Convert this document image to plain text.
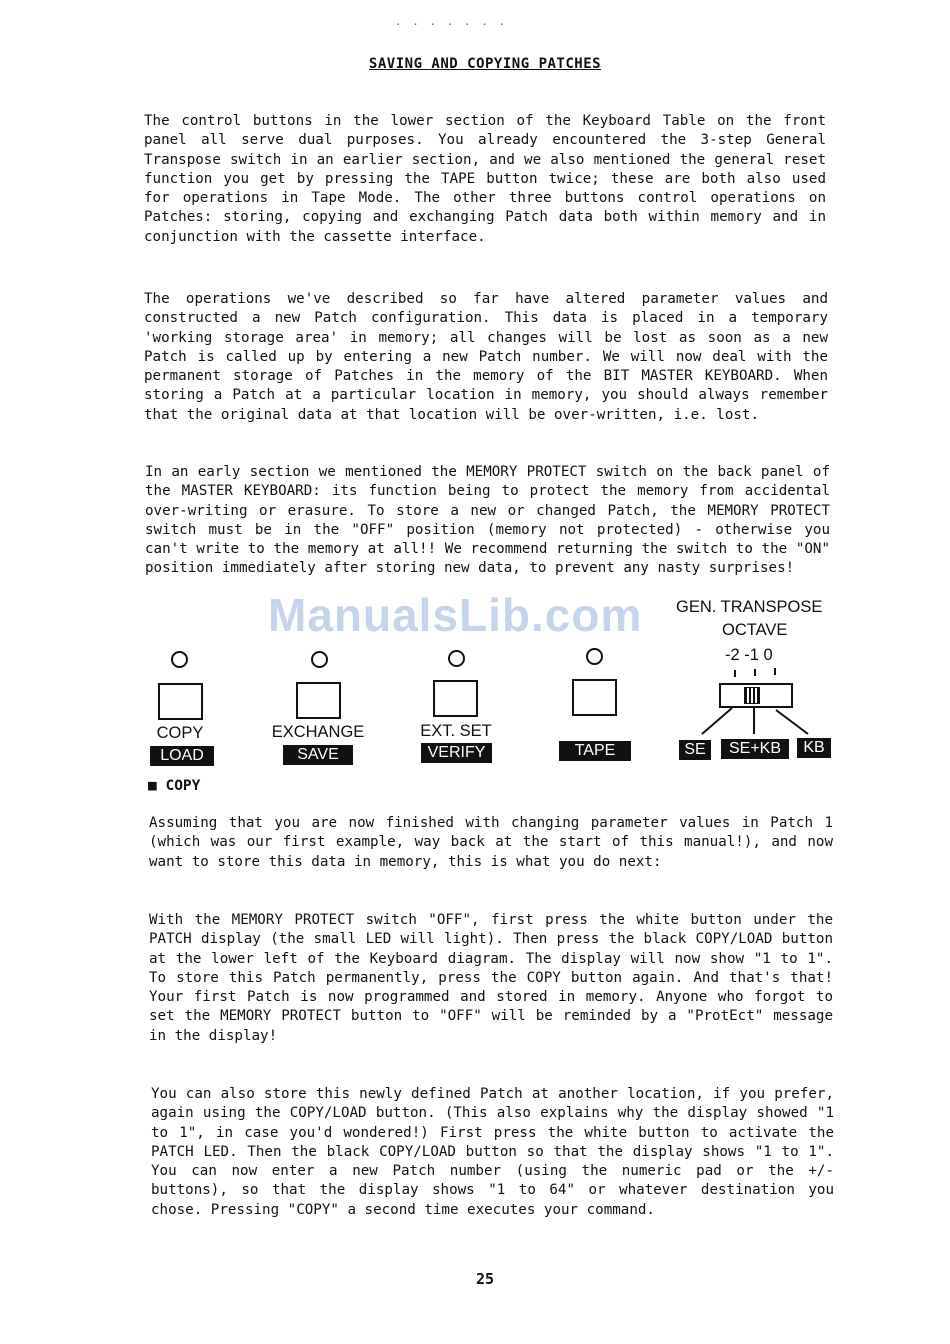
· · · · · · ·
SAVING AND COPYING PATCHES
The control buttons in the lower section of the Keyboard Table on the front panel all serve dual purposes. You already encountered the 3-step General Transpose switch in an earlier section, and we also mentioned the general reset function you get by pressing the TAPE button twice; these are both also used for operations in Tape Mode. The other three buttons control operations on Patches: storing, copying and exchanging Patch data both within memory and in conjunction with the cassette interface.
The operations we've described so far have altered parameter values and constructed a new Patch configuration. This data is placed in a temporary 'working storage area' in memory; all changes will be lost as soon as a new Patch is called up by entering a new Patch number. We will now deal with the permanent storage of Patches in the memory of the BIT MASTER KEYBOARD. When storing a Patch at a particular location in memory, you should always remember that the original data at that location will be over-written, i.e. lost.
In an early section we mentioned the MEMORY PROTECT switch on the back panel of the MASTER KEYBOARD: its function being to protect the memory from accidental over-writing or erasure. To store a new or changed Patch, the MEMORY PROTECT switch must be in the "OFF" position (memory not protected) - otherwise you can't write to the memory at all!! We recommend returning the switch to the "ON" position immediately after storing new data, to prevent any nasty surprises!
ManualsLib.com GEN. TRANSPOSE
OCTAVE
-2 -1 0
COPY	EXCHANGE	EXT. SET
LOAD	SAVE	VERIFY	TAPE	SE	SE+KB	KB
■ COPY
Assuming that you are now finished with changing parameter values in Patch 1 (which was our first example, way back at the start of this manual!), and now want to store this data in memory, this is what you do next:
With the MEMORY PROTECT switch "OFF", first press the white button under the PATCH display (the small LED will light). Then press the black COPY/LOAD button at the lower left of the Keyboard diagram. The display will now show "1 to 1". To store this Patch permanently, press the COPY button again. And that's that! Your first Patch is now programmed and stored in memory. Anyone who forgot to set the MEMORY PROTECT button to "OFF" will be reminded by a "ProtEct" message in the display!
You can also store this newly defined Patch at another location, if you prefer, again using the COPY/LOAD button. (This also explains why the display showed "1 to 1", in case you'd wondered!) First press the white button to activate the PATCH LED. Then the black COPY/LOAD button so that the display shows "1 to 1". You can now enter a new Patch number (using the numeric pad or the +/- buttons), so that the display shows "1 to 64" or whatever destination you chose. Pressing "COPY" a second time executes your command.
25
